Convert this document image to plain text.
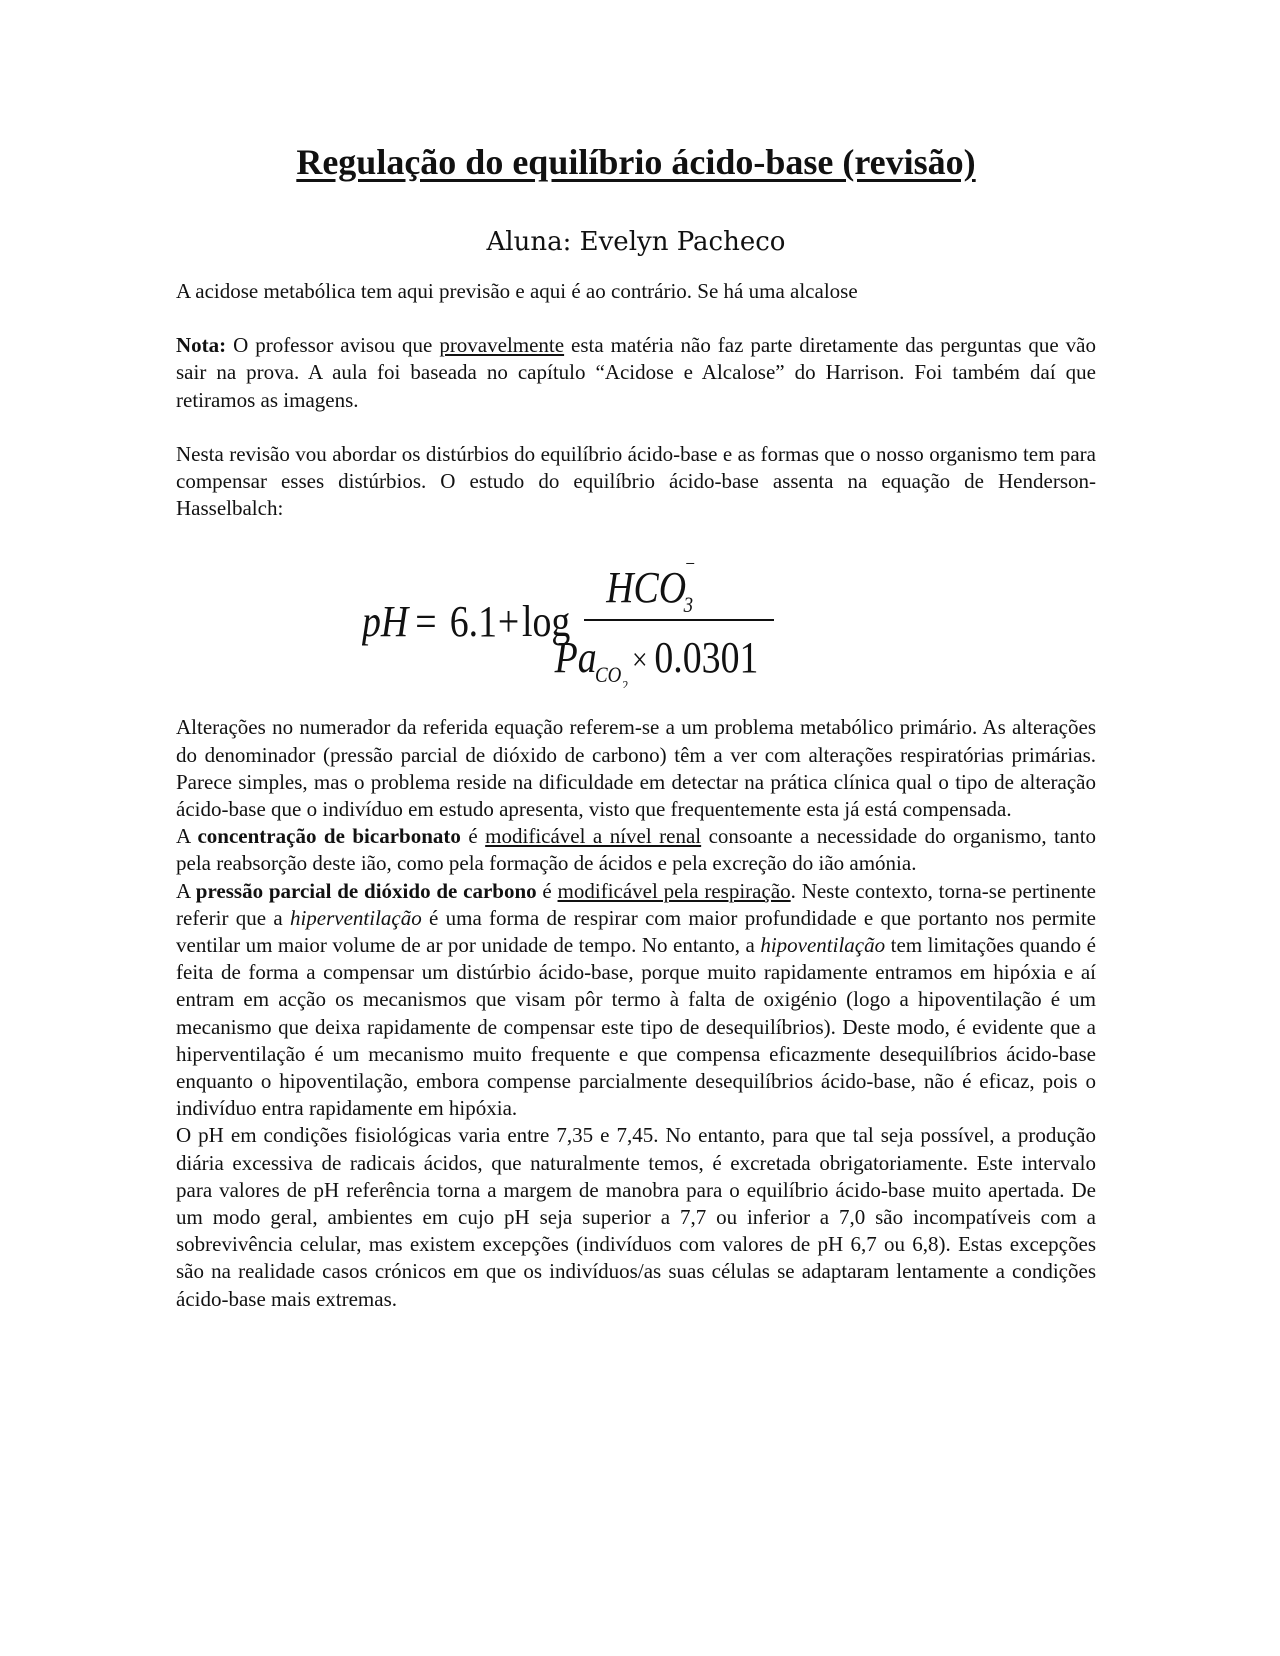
Regulação do equilíbrio ácido-base (revisão)
Aluna: Evelyn Pacheco

A acidose metabólica tem aqui previsão e aqui é ao contrário. Se há uma alcalose

Nota: O professor avisou que provavelmente esta matéria não faz parte diretamente das perguntas que vão sair na prova. A aula foi baseada no capítulo “Acidose e Alcalose” do Harrison. Foi também daí que retiramos as imagens.

Nesta revisão vou abordar os distúrbios do equilíbrio ácido-base e as formas que o nosso organismo tem para compensar esses distúrbios. O estudo do equilíbrio ácido-base assenta na equação de Henderson-Hasselbalch:

pH = 6.1 + log
HCO
3
−
Pa
CO 2
× 0.0301

Alterações no numerador da referida equação referem-se a um problema metabólico primário. As alterações do denominador (pressão parcial de dióxido de carbono) têm a ver com alterações respiratórias primárias. Parece simples, mas o problema reside na dificuldade em detectar na prática clínica qual o tipo de alteração ácido-base que o indivíduo em estudo apresenta, visto que frequentemente esta já está compensada.

A concentração de bicarbonato é modificável a nível renal consoante a necessidade do organismo, tanto pela reabsorção deste ião, como pela formação de ácidos e pela excreção do ião amónia.

A pressão parcial de dióxido de carbono é modificável pela respiração. Neste contexto, torna-se pertinente referir que a hiperventilação é uma forma de respirar com maior profundidade e que portanto nos permite ventilar um maior volume de ar por unidade de tempo. No entanto, a hipoventilação tem limitações quando é feita de forma a compensar um distúrbio ácido-base, porque muito rapidamente entramos em hipóxia e aí entram em acção os mecanismos que visam pôr termo à falta de oxigénio (logo a hipoventilação é um mecanismo que deixa rapidamente de compensar este tipo de desequilíbrios). Deste modo, é evidente que a hiperventilação é um mecanismo muito frequente e que compensa eficazmente desequilíbrios ácido-base enquanto o hipoventilação, embora compense parcialmente desequilíbrios ácido-base, não é eficaz, pois o indivíduo entra rapidamente em hipóxia.

O pH em condições fisiológicas varia entre 7,35 e 7,45. No entanto, para que tal seja possível, a produção diária excessiva de radicais ácidos, que naturalmente temos, é excretada obrigatoriamente. Este intervalo para valores de pH referência torna a margem de manobra para o equilíbrio ácido-base muito apertada. De um modo geral, ambientes em cujo pH seja superior a 7,7 ou inferior a 7,0 são incompatíveis com a sobrevivência celular, mas existem excepções (indivíduos com valores de pH 6,7 ou 6,8). Estas excepções são na realidade casos crónicos em que os indivíduos/as suas células se adaptaram lentamente a condições ácido-base mais extremas.
